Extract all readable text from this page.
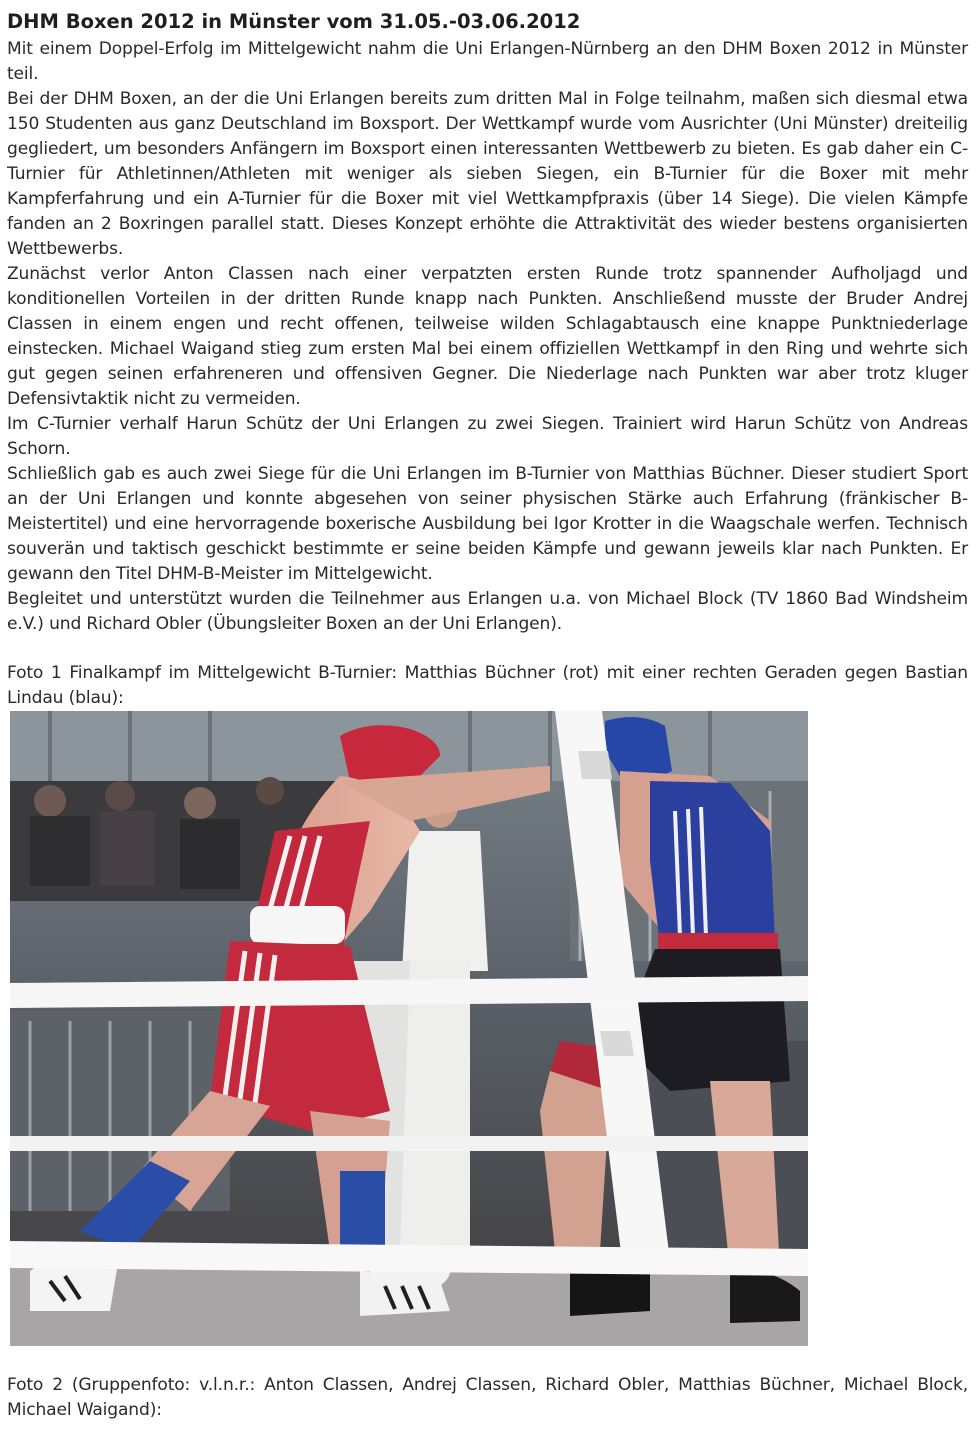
DHM Boxen 2012 in Münster vom 31.05.-03.06.2012

Mit einem Doppel-Erfolg im Mittelgewicht nahm die Uni Erlangen-Nürnberg an den DHM Boxen 2012 in Münster teil.

Bei der DHM Boxen, an der die Uni Erlangen bereits zum dritten Mal in Folge teilnahm, maßen sich diesmal etwa 150 Studenten aus ganz Deutschland im Boxsport. Der Wettkampf wurde vom Ausrichter (Uni Münster) dreiteilig gegliedert, um besonders Anfängern im Boxsport einen interessanten Wettbewerb zu bieten. Es gab daher ein C-Turnier für Athletinnen/Athleten mit weniger als sieben Siegen, ein B-Turnier für die Boxer mit mehr Kampferfahrung und ein A-Turnier für die Boxer mit viel Wettkampfpraxis (über 14 Siege). Die vielen Kämpfe fanden an 2 Boxringen parallel statt. Dieses Konzept erhöhte die Attraktivität des wieder bestens organisierten Wettbewerbs.

Zunächst verlor Anton Classen nach einer verpatzten ersten Runde trotz spannender Aufholjagd und konditionellen Vorteilen in der dritten Runde knapp nach Punkten. Anschließend musste der Bruder Andrej Classen in einem engen und recht offenen, teilweise wilden Schlagabtausch eine knappe Punktniederlage einstecken. Michael Waigand stieg zum ersten Mal bei einem offiziellen Wettkampf in den Ring und wehrte sich gut gegen seinen erfahreneren und offensiven Gegner. Die Niederlage nach Punkten war aber trotz kluger Defensivtaktik nicht zu vermeiden.

Im C-Turnier verhalf Harun Schütz der Uni Erlangen zu zwei Siegen. Trainiert wird Harun Schütz von Andreas Schorn.

Schließlich gab es auch zwei Siege für die Uni Erlangen im B-Turnier von Matthias Büchner. Dieser studiert Sport an der Uni Erlangen und konnte abgesehen von seiner physischen Stärke auch Erfahrung (fränkischer B-Meistertitel) und eine hervorragende boxerische Ausbildung bei Igor Krotter in die Waagschale werfen. Technisch souverän und taktisch geschickt bestimmte er seine beiden Kämpfe und gewann jeweils klar nach Punkten. Er gewann den Titel DHM-B-Meister im Mittelgewicht.

Begleitet und unterstützt wurden die Teilnehmer aus Erlangen u.a. von Michael Block (TV 1860 Bad Windsheim e.V.) und Richard Obler (Übungsleiter Boxen an der Uni Erlangen).

Foto 1 Finalkampf im Mittelgewicht B-Turnier: Matthias Büchner (rot) mit einer rechten Geraden gegen Bastian Lindau (blau):

Foto 2 (Gruppenfoto: v.l.n.r.: Anton Classen, Andrej Classen, Richard Obler, Matthias Büchner, Michael Block, Michael Waigand):
